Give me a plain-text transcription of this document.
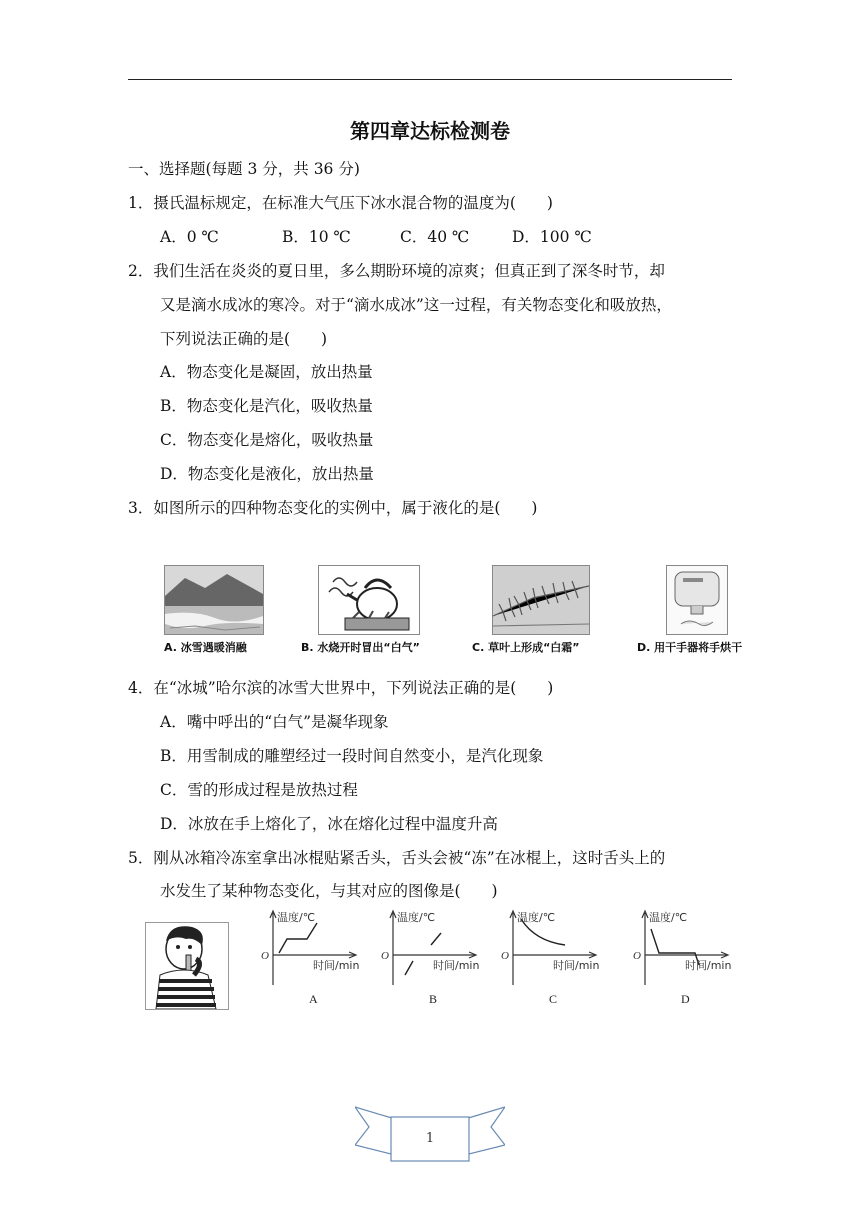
第四章达标检测卷
一、选择题(每题 3 分，共 36 分)
1．摄氏温标规定，在标准大气压下冰水混合物的温度为(　　)
A．0 ℃	B．10 ℃	C．40 ℃	D．100 ℃
2．我们生活在炎炎的夏日里，多么期盼环境的凉爽；但真正到了深冬时节，却
又是滴水成冰的寒冷。对于“滴水成冰”这一过程，有关物态变化和吸放热，
下列说法正确的是(　　)
A．物态变化是凝固，放出热量
B．物态变化是汽化，吸收热量
C．物态变化是熔化，吸收热量
D．物态变化是液化，放出热量
3．如图所示的四种物态变化的实例中，属于液化的是(　　)
A. 冰雪遇暖消融	B. 水烧开时冒出“白气”	C. 草叶上形成“白霜”	D. 用干手器将手烘干
4．在“冰城”哈尔滨的冰雪大世界中，下列说法正确的是(　　)
A．嘴中呼出的“白气”是凝华现象
B．用雪制成的雕塑经过一段时间自然变小，是汽化现象
C．雪的形成过程是放热过程
D．冰放在手上熔化了，冰在熔化过程中温度升高
5．刚从冰箱冷冻室拿出冰棍贴紧舌头，舌头会被“冻”在冰棍上，这时舌头上的
水发生了某种物态变化，与其对应的图像是(　　)
温度/℃
时间/min
O
A
温度/℃
时间/min
O
B
温度/℃
时间/min
O
C
温度/℃
时间/min
O
D
1
